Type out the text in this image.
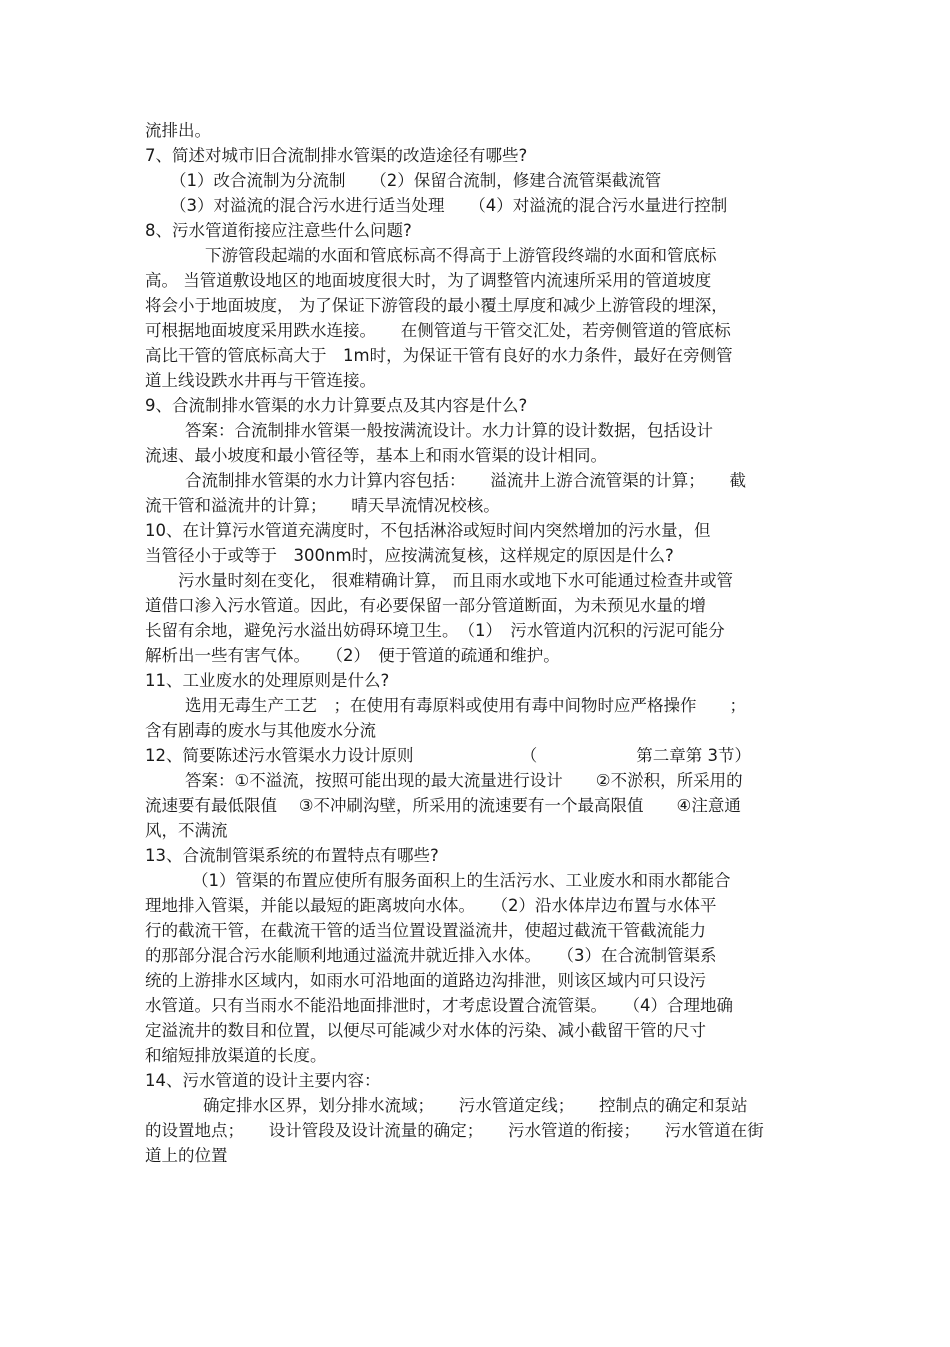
流排出。
7、简述对城市旧合流制排水管渠的改造途径有哪些?
（1）改合流制为分流制　　（2）保留合流制，修建合流管渠截流管
（3）对溢流的混合污水进行适当处理　　（4）对溢流的混合污水量进行控制
8、污水管道衔接应注意些什么问题?
下游管段起端的水面和管底标高不得高于上游管段终端的水面和管底标
高。 当管道敷设地区的地面坡度很大时，为了调整管内流速所采用的管道坡度
将会小于地面坡度， 为了保证下游管段的最小覆土厚度和减少上游管段的埋深，
可根据地面坡度采用跌水连接。　　在侧管道与干管交汇处，若旁侧管道的管底标
高比干管的管底标高大于　1m时，为保证干管有良好的水力条件，最好在旁侧管
道上线设跌水井再与干管连接。
9、合流制排水管渠的水力计算要点及其内容是什么?
答案：合流制排水管渠一般按满流设计。水力计算的设计数据，包括设计
流速、最小坡度和最小管径等，基本上和雨水管渠的设计相同。
合流制排水管渠的水力计算内容包括：　　溢流井上游合流管渠的计算；　　截
流干管和溢流井的计算；　　晴天旱流情况校核。
10、在计算污水管道充满度时，不包括淋浴或短时间内突然增加的污水量，但
当管径小于或等于　300nm时，应按满流复核，这样规定的原因是什么?
污水量时刻在变化， 很难精确计算， 而且雨水或地下水可能通过检查井或管
道借口渗入污水管道。因此，有必要保留一部分管道断面，为未预见水量的增
长留有余地，避免污水溢出妨碍环境卫生。　（1）　污水管道内沉积的污泥可能分
解析出一些有害气体。　　（2）　便于管道的疏通和维护。
11、工业废水的处理原则是什么?
选用无毒生产工艺　；在使用有毒原料或使用有毒中间物时应严格操作　　；
含有剧毒的废水与其他废水分流
12、简要陈述污水管渠水力设计原则　　　　　　　（　　　　　　第二章第 3节）
答案：①不溢流，按照可能出现的最大流量进行设计　　②不淤积，所采用的
流速要有最低限值　 ③不冲刷沟壁，所采用的流速要有一个最高限值　　④注意通
风，不满流
13、合流制管渠系统的布置特点有哪些?
（1）管渠的布置应使所有服务面积上的生活污水、工业废水和雨水都能合
理地排入管渠，并能以最短的距离坡向水体。　　（2）沿水体岸边布置与水体平
行的截流干管，在截流干管的适当位置设置溢流井，使超过截流干管截流能力
的那部分混合污水能顺利地通过溢流井就近排入水体。　　（3）在合流制管渠系
统的上游排水区域内，如雨水可沿地面的道路边沟排泄，则该区域内可只设污
水管道。只有当雨水不能沿地面排泄时，才考虑设置合流管渠。　　（4）合理地确
定溢流井的数目和位置，以便尽可能减少对水体的污染、减小截留干管的尺寸
和缩短排放渠道的长度。
14、污水管道的设计主要内容：
确定排水区界，划分排水流域；　　污水管道定线；　　控制点的确定和泵站
的设置地点；　　设计管段及设计流量的确定；　　污水管道的衔接；　　污水管道在街
道上的位置
